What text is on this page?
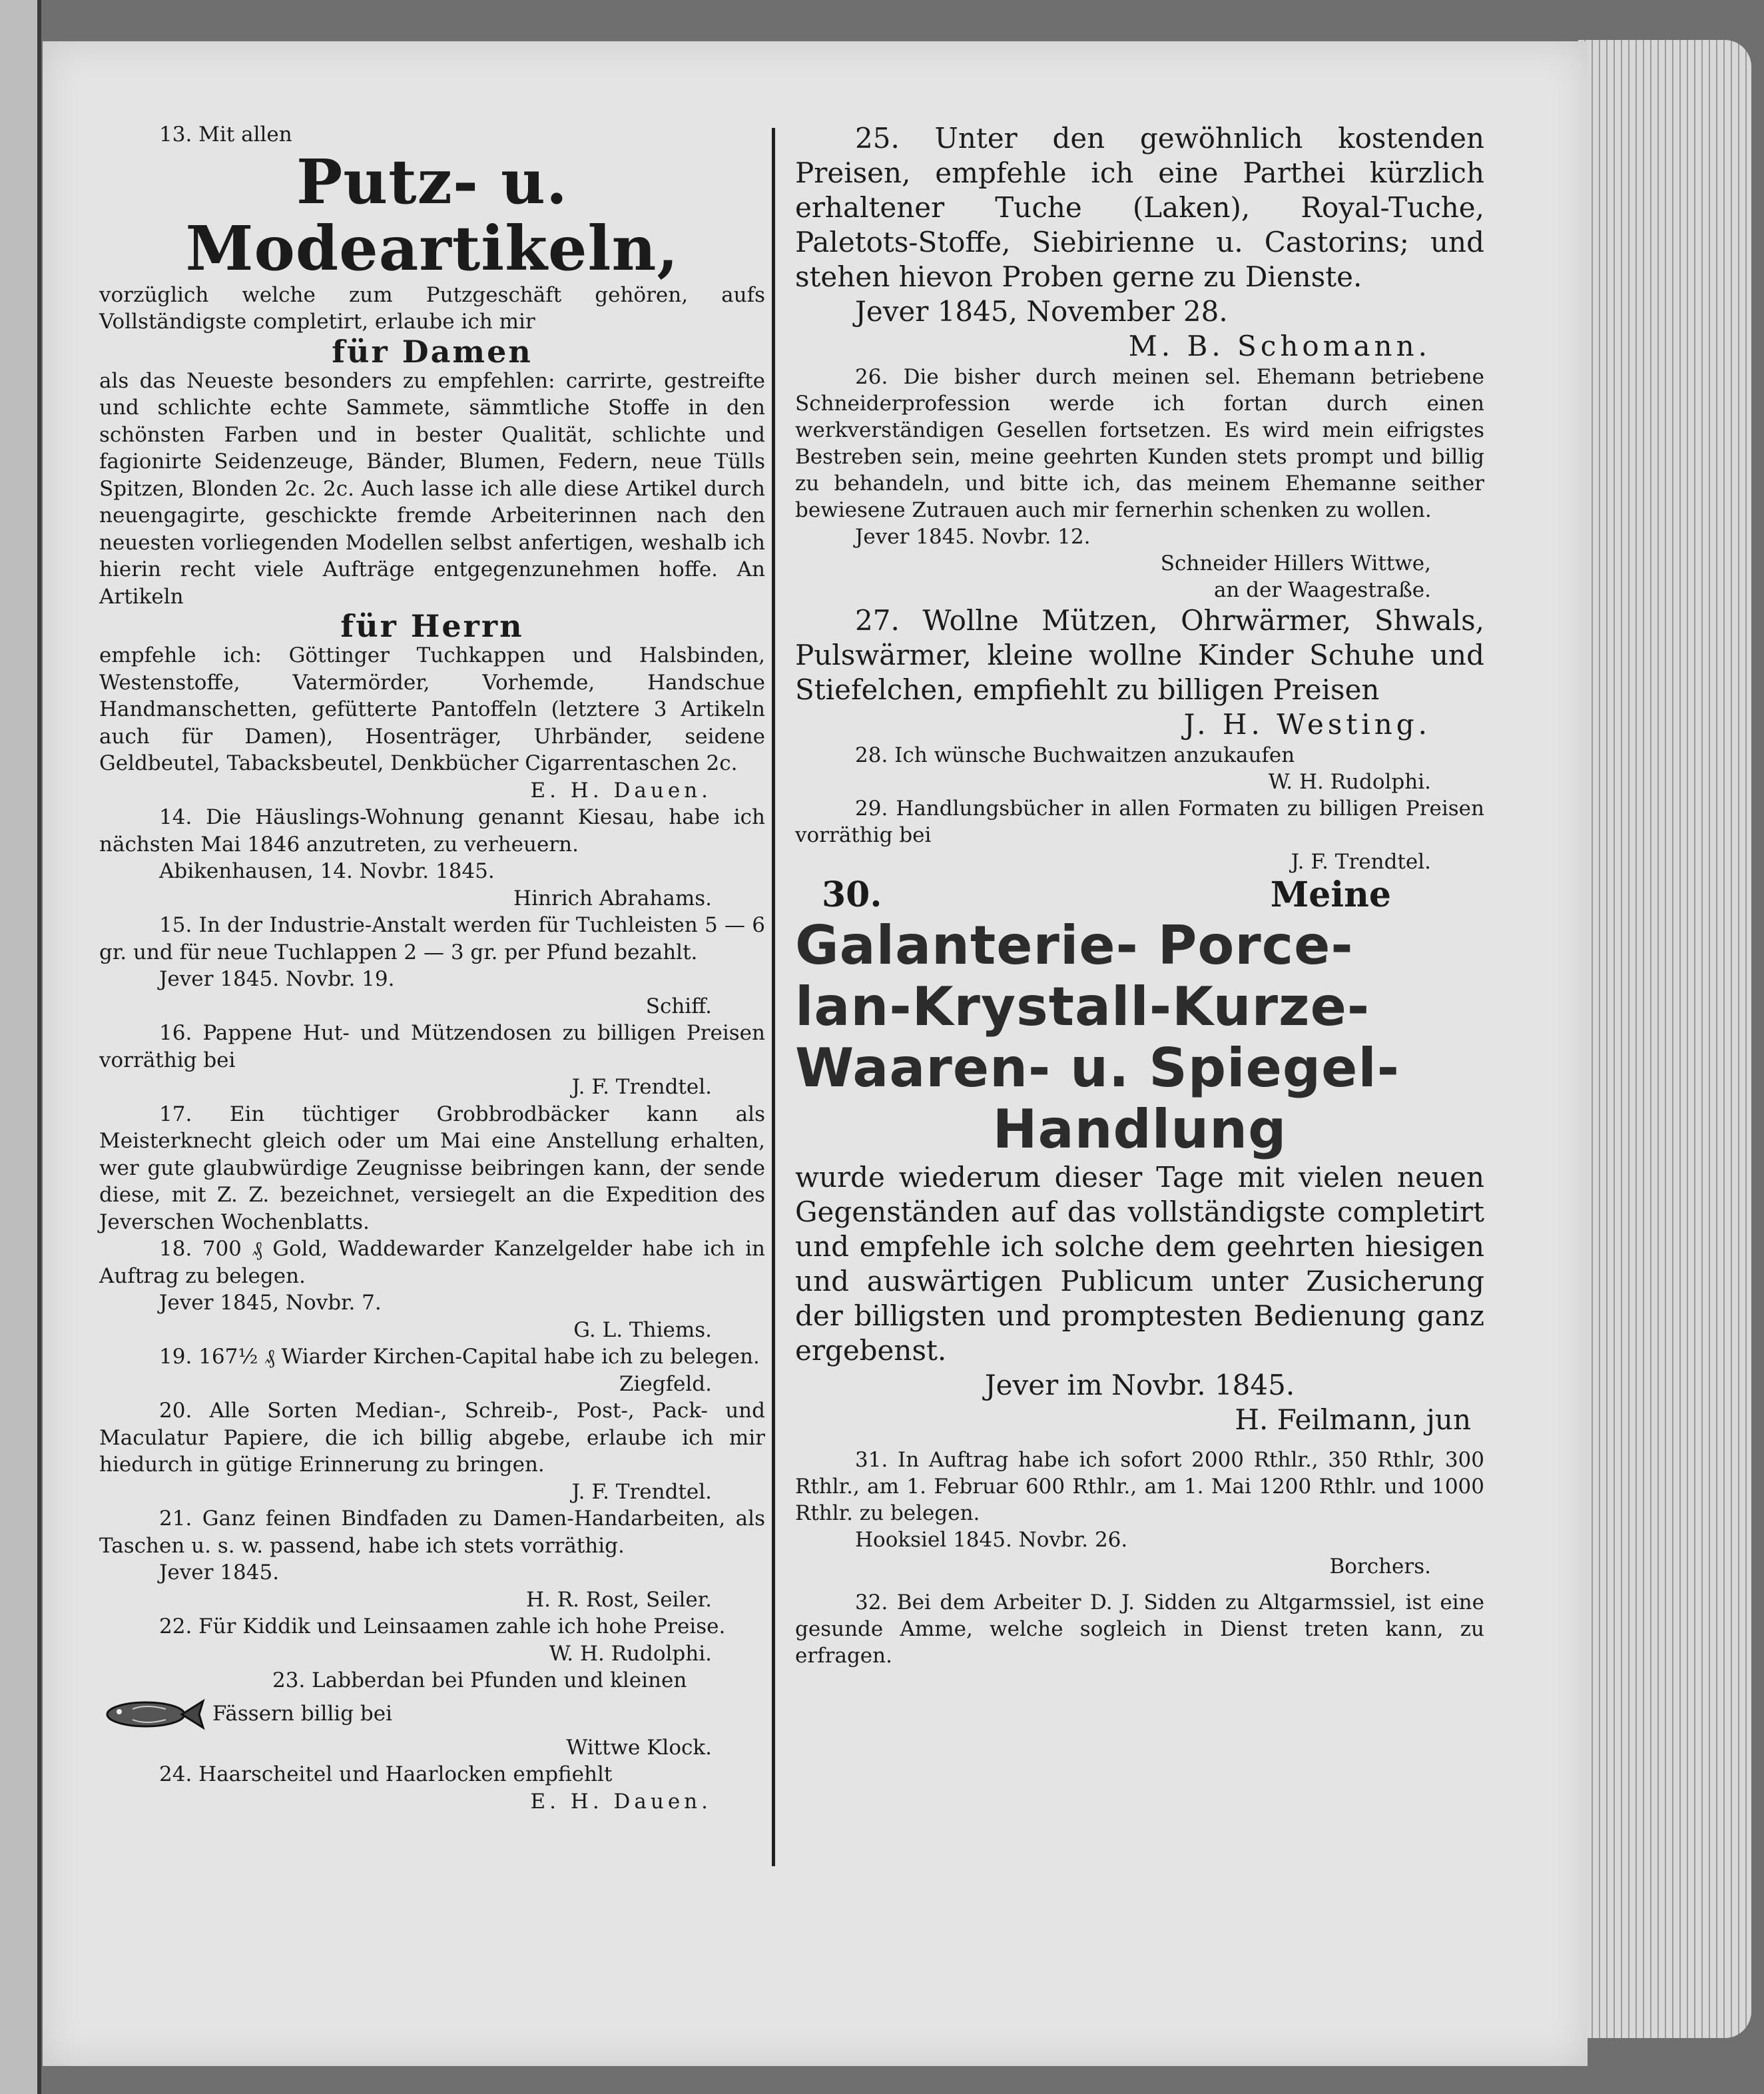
13. Mit allen

Putz- u. Modeartikeln,

vorzüglich welche zum Putzgeschäft gehören, aufs Vollständigste completirt, erlaube ich mir

für Damen

als das Neueste besonders zu empfehlen: carrirte, gestreifte und schlichte echte Sammete, sämmtliche Stoffe in den schönsten Farben und in bester Qualität, schlichte und fagionirte Seidenzeuge, Bänder, Blumen, Federn, neue Tülls Spitzen, Blonden 2c. 2c. Auch lasse ich alle diese Artikel durch neuengagirte, geschickte fremde Arbeiterinnen nach den neuesten vorliegenden Modellen selbst anfertigen, weshalb ich hierin recht viele Aufträge entgegenzunehmen hoffe. An Artikeln

für Herrn

empfehle ich: Göttinger Tuchkappen und Halsbinden, Westenstoffe, Vatermörder, Vorhemde, Handschue Handmanschetten, gefütterte Pantoffeln (letztere 3 Artikeln auch für Damen), Hosenträger, Uhrbänder, seidene Geldbeutel, Tabacksbeutel, Denkbücher Cigarrentaschen 2c.

E. H. Dauen.

14. Die Häuslings-Wohnung genannt Kiesau, habe ich nächsten Mai 1846 anzutreten, zu verheuern.

Abikenhausen, 14. Novbr. 1845.

Hinrich Abrahams.

15. In der Industrie-Anstalt werden für Tuchleisten 5 — 6 gr. und für neue Tuchlappen 2 — 3 gr. per Pfund bezahlt.

Jever 1845. Novbr. 19.

Schiff.

16. Pappene Hut- und Mützendosen zu billigen Preisen vorräthig bei

J. F. Trendtel.

17. Ein tüchtiger Grobbrodbäcker kann als Meisterknecht gleich oder um Mai eine Anstellung erhalten, wer gute glaubwürdige Zeugnisse beibringen kann, der sende diese, mit Z. Z. bezeichnet, versiegelt an die Expedition des Jeverschen Wochenblatts.

18. 700 ₰ Gold, Waddewarder Kanzelgelder habe ich in Auftrag zu belegen.

Jever 1845, Novbr. 7.

G. L. Thiems.

19. 167½ ₰ Wiarder Kirchen-Capital habe ich zu belegen.

Ziegfeld.

20. Alle Sorten Median-, Schreib-, Post-, Pack- und Maculatur Papiere, die ich billig abgebe, erlaube ich mir hiedurch in gütige Erinnerung zu bringen.

J. F. Trendtel.

21. Ganz feinen Bindfaden zu Damen-Handarbeiten, als Taschen u. s. w. passend, habe ich stets vorräthig.

Jever 1845.

H. R. Rost, Seiler.

22. Für Kiddik und Leinsaamen zahle ich hohe Preise.

W. H. Rudolphi.

23. Labberdan bei Pfunden und kleinen

Fässern billig bei

Wittwe Klock.

24. Haarscheitel und Haarlocken empfiehlt

E. H. Dauen.

25. Unter den gewöhnlich kostenden Preisen, empfehle ich eine Parthei kürzlich erhaltener Tuche (Laken), Royal-Tuche, Paletots-Stoffe, Siebirienne u. Castorins; und stehen hievon Proben gerne zu Dienste.

Jever 1845, November 28.

M. B. Schomann.

26. Die bisher durch meinen sel. Ehemann betriebene Schneiderprofession werde ich fortan durch einen werkverständigen Gesellen fortsetzen. Es wird mein eifrigstes Bestreben sein, meine geehrten Kunden stets prompt und billig zu behandeln, und bitte ich, das meinem Ehemanne seither bewiesene Zutrauen auch mir fernerhin schenken zu wollen.

Jever 1845. Novbr. 12.

Schneider Hillers Wittwe,

an der Waagestraße.

27. Wollne Mützen, Ohrwärmer, Shwals, Pulswärmer, kleine wollne Kinder Schuhe und Stiefelchen, empfiehlt zu billigen Preisen

J. H. Westing.

28. Ich wünsche Buchwaitzen anzukaufen

W. H. Rudolphi.

29. Handlungsbücher in allen Formaten zu billigen Preisen vorräthig bei

J. F. Trendtel.

30.	Meine

Galanterie- Porce-

lan-Krystall-Kurze-

Waaren- u. Spiegel-

Handlung

wurde wiederum dieser Tage mit vielen neuen Gegenständen auf das vollständigste completirt und empfehle ich solche dem geehrten hiesigen und auswärtigen Publicum unter Zusicherung der billigsten und promptesten Bedienung ganz ergebenst.

Jever im Novbr. 1845.

H. Feilmann, jun

31. In Auftrag habe ich sofort 2000 Rthlr., 350 Rthlr, 300 Rthlr., am 1. Februar 600 Rthlr., am 1. Mai 1200 Rthlr. und 1000 Rthlr. zu belegen.

Hooksiel 1845. Novbr. 26.

Borchers.

32. Bei dem Arbeiter D. J. Sidden zu Altgarmssiel, ist eine gesunde Amme, welche sogleich in Dienst treten kann, zu erfragen.
